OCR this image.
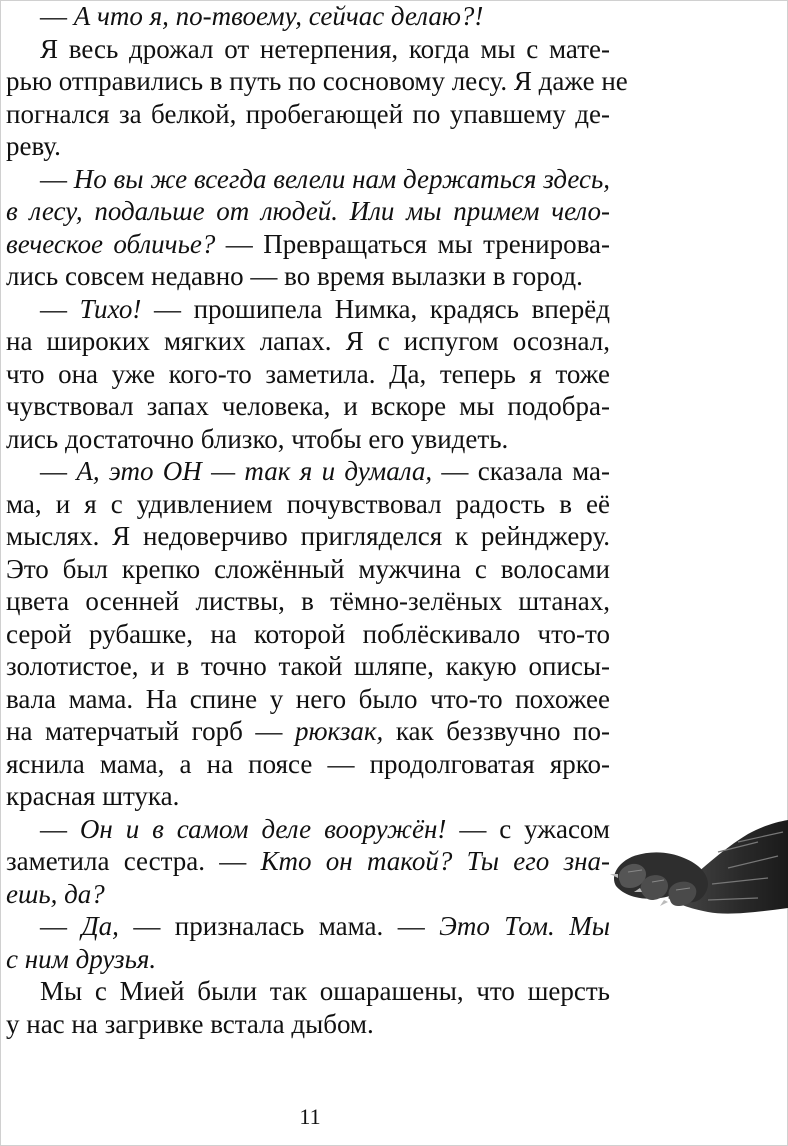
— А что я, по-твоему, сейчас делаю?!
Я весь дрожал от нетерпения, когда мы с мате-
рью отправились в путь по сосновому лесу. Я даже не
погнался за белкой, пробегающей по упавшему де-
реву.
— Но вы же всегда велели нам держаться здесь,
в лесу, подальше от людей. Или мы примем чело-
веческое обличье? — Превращаться мы тренирова-
лись совсем недавно — во время вылазки в город.
— Тихо! — прошипела Нимка, крадясь вперёд
на широких мягких лапах. Я с испугом осознал,
что она уже кого-то заметила. Да, теперь я тоже
чувствовал запах человека, и вскоре мы подобра-
лись достаточно близко, чтобы его увидеть.
— А, это ОН — так я и думала, — сказала ма-
ма, и я с удивлением почувствовал радость в её
мыслях. Я недоверчиво пригляделся к рейнджеру.
Это был крепко сложённый мужчина с волосами
цвета осенней листвы, в тёмно-зелёных штанах,
серой рубашке, на которой поблёскивало что-то
золотистое, и в точно такой шляпе, какую описы-
вала мама. На спине у него было что-то похожее
на матерчатый горб — рюкзак, как беззвучно по-
яснила мама, а на поясе — продолговатая ярко-
красная штука.
— Он и в самом деле вооружён! — с ужасом
заметила сестра. — Кто он такой? Ты его зна-
ешь, да?
— Да, — призналась мама. — Это Том. Мы
с ним друзья.
Мы с Мией были так ошарашены, что шерсть
у нас на загривке встала дыбом.
11
